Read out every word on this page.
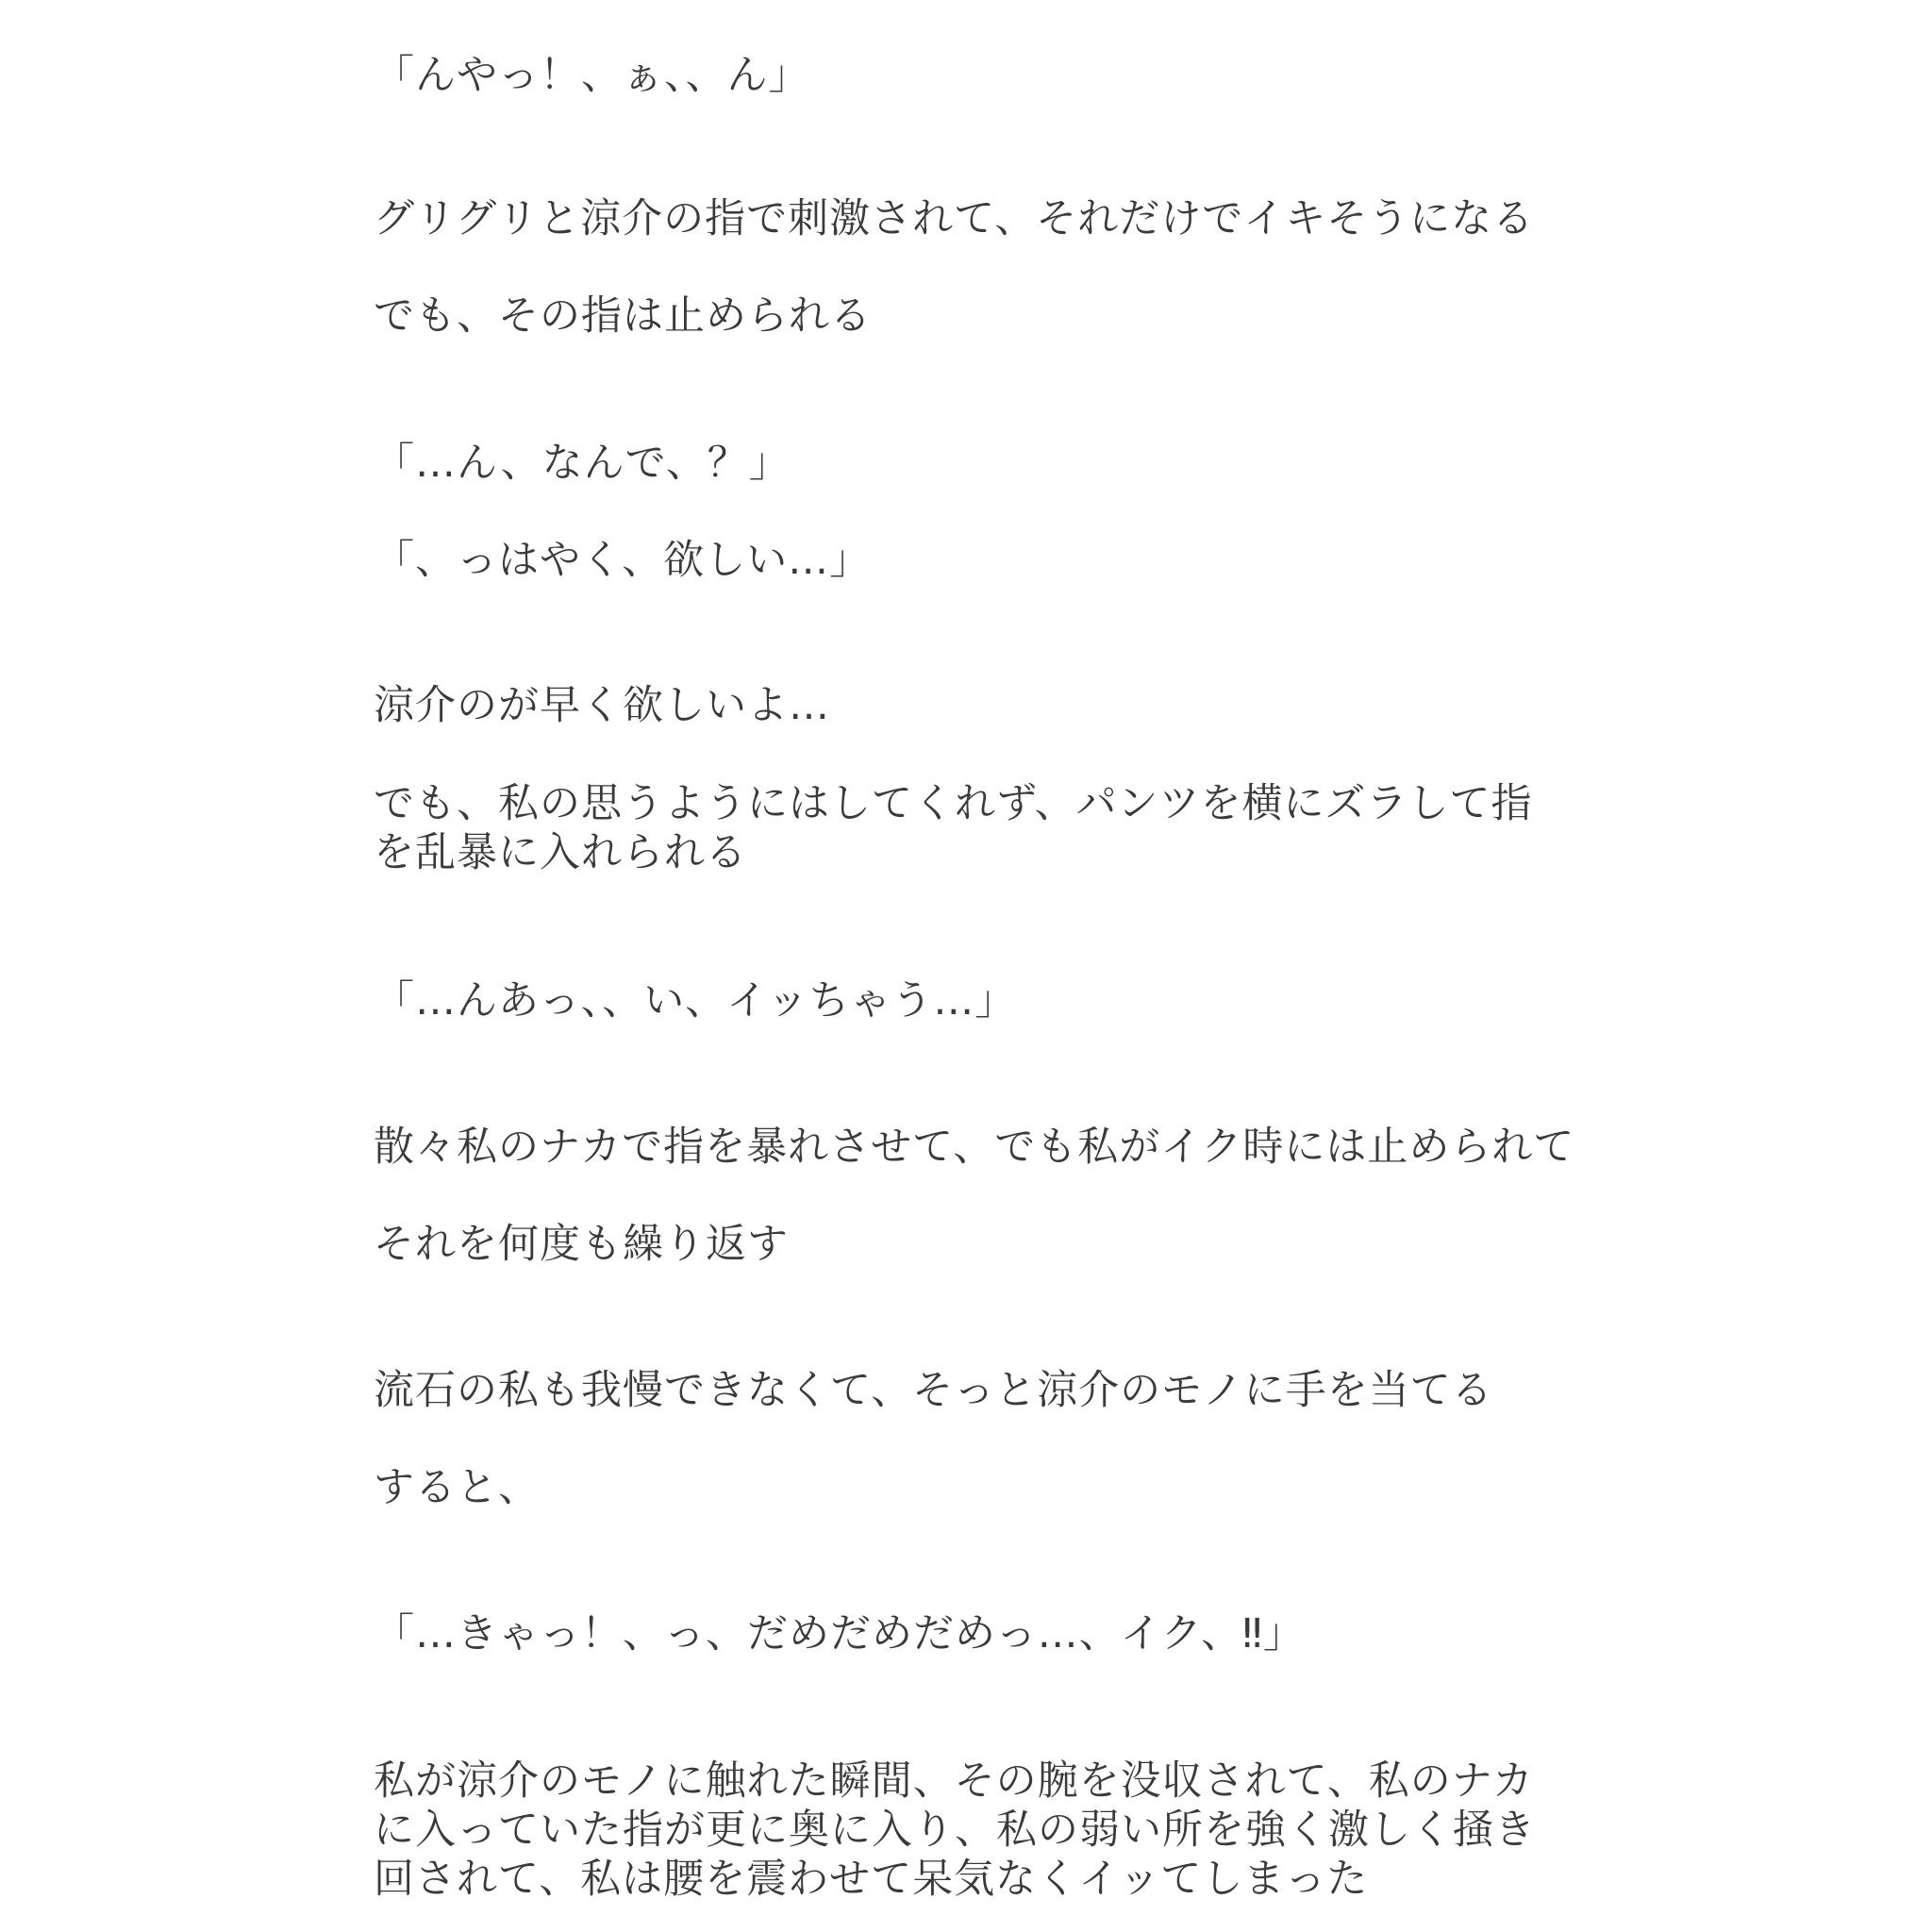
「んやっ！、ぁ、、ん」
グリグリと涼介の指で刺激されて、それだけでイキそうになる
でも、その指は止められる
「…ん、なんで、？」
「、っはやく、欲しい…」
涼介のが早く欲しいよ…
でも、私の思うようにはしてくれず、パンツを横にズラして指を乱暴に入れられる
「…んあっ、、い、イッちゃう…」
散々私のナカで指を暴れさせて、でも私がイク時には止められて
それを何度も繰り返す
流石の私も我慢できなくて、そっと涼介のモノに手を当てる
すると、
「…きゃっ！、っ、だめだめだめっ…、イク、‼」
私が涼介のモノに触れた瞬間、その腕を没収されて、私のナカに入っていた指が更に奥に入り、私の弱い所を強く激しく掻き回されて、私は腰を震わせて呆気なくイッてしまった
